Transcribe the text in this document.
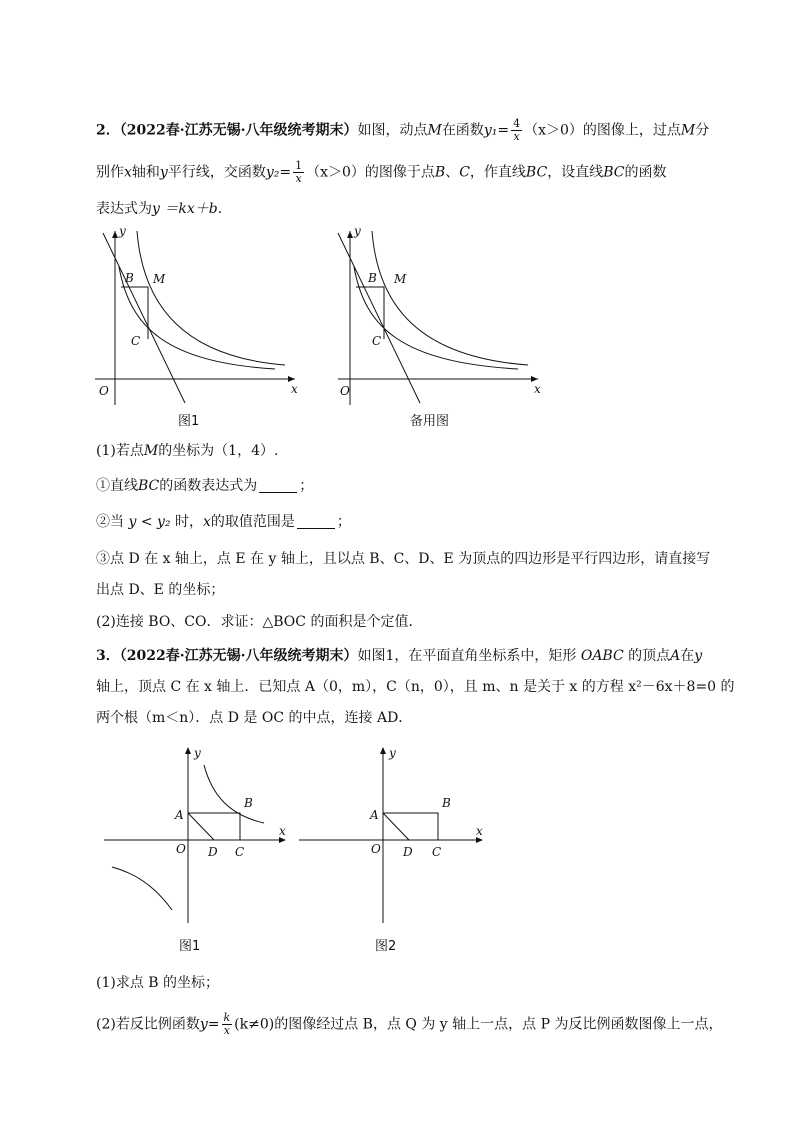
2．（2022春·江苏无锡·八年级统考期末）如图，动点M在函数$y_1= \frac{4}{x} (x>0)$的图像上，过点M分
别作x轴和y平行线，交函数$y_2= \frac{1}{x} (x>0)$的图像于点B、C，作直线BC，设直线BC的函数
表达式为y ＝kx＋b.
y
x
O
B M
C
图1
y
x
O
B M
C
备用图
(1)若点M的坐标为（1，4）.
①直线BC的函数表达式为	；
②当 y < y₂ 时，x的取值范围是	；
③点 D 在 x 轴上，点 E 在 y 轴上，且以点 B、C、D、E 为顶点的四边形是平行四边形，请直接写
出点 D、E 的坐标；
(2)连接 BO、CO．求证：△BOC 的面积是个定值．
3．（2022春·江苏无锡·八年级统考期末）如图1，在平面直角坐标系中，矩形 OABC 的顶点A在y
轴上，顶点 C 在 x 轴上．已知点 A（0，m），C（n，0），且 m、n 是关于 x 的方程 x²－6x＋8=0 的
两个根（m＜n）．点 D 是 OC 的中点，连接 AD．
y
x
O
A
B
D C
图1
y
x
O
A
B
D C
图2
(1)求点 B 的坐标；
(2)若反比例函数$y= \frac{k}{x} (k\ne 0)$的图像经过点 B，点 Q 为 y 轴上一点，点 P 为反比例函数图像上一点，
